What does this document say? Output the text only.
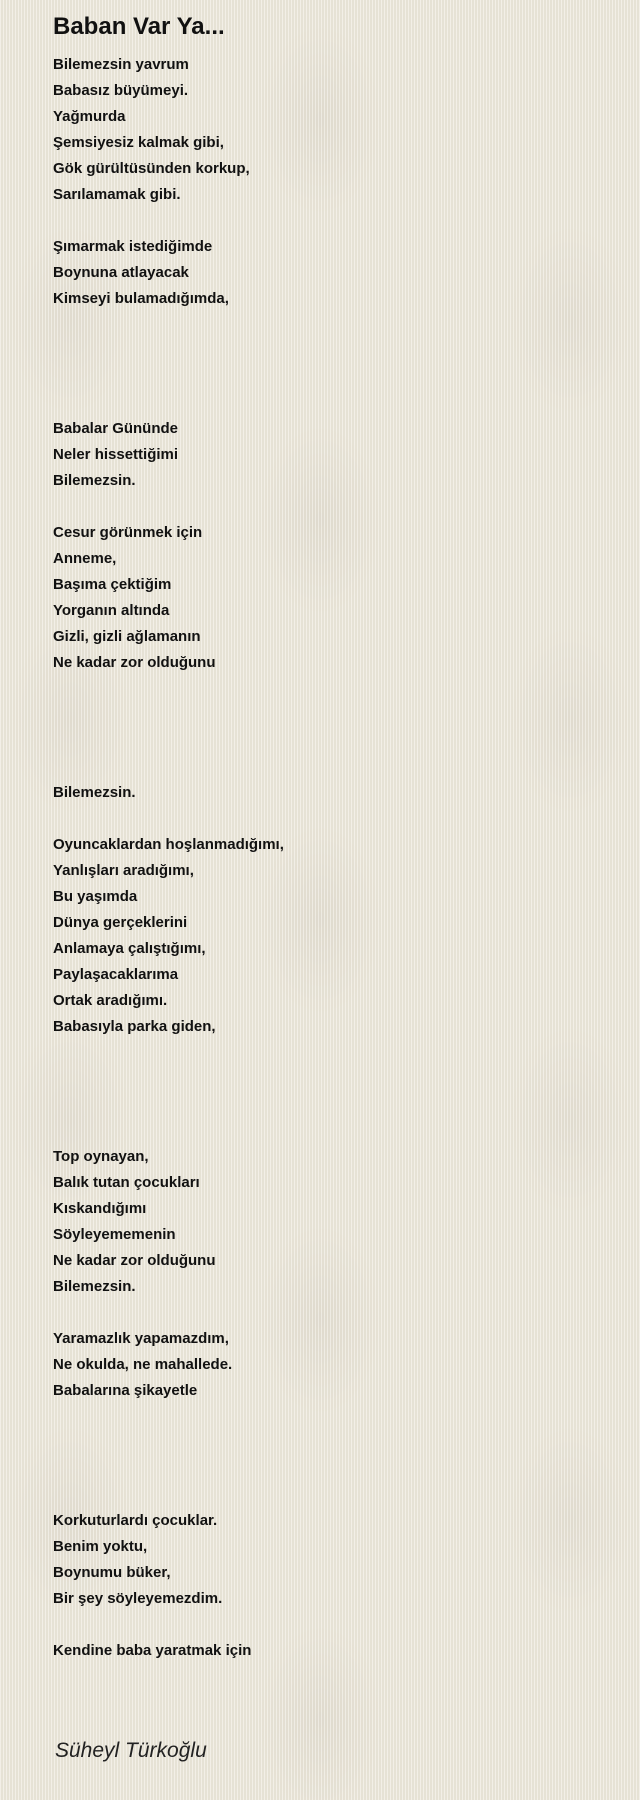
Baban Var Ya...
Bilemezsin yavrum
Babasız büyümeyi.
Yağmurda
Şemsiyesiz kalmak gibi,
Gök gürültüsünden korkup,
Sarılamamak gibi.
Şımarmak istediğimde
Boynuna atlayacak
Kimseyi bulamadığımda,
Babalar Gününde
Neler hissettiğimi
Bilemezsin.
Cesur görünmek için
Anneme,
Başıma çektiğim
Yorganın altında
Gizli, gizli ağlamanın
Ne kadar zor olduğunu
Bilemezsin.
Oyuncaklardan hoşlanmadığımı,
Yanlışları aradığımı,
Bu yaşımda
Dünya gerçeklerini
Anlamaya çalıştığımı,
Paylaşacaklarıma
Ortak aradığımı.
Babasıyla parka giden,
Top oynayan,
Balık tutan çocukları
Kıskandığımı
Söyleyememenin
Ne kadar zor olduğunu
Bilemezsin.
Yaramazlık yapamazdım,
Ne okulda, ne mahallede.
Babalarına şikayetle
Korkuturlardı çocuklar.
Benim yoktu,
Boynumu büker,
Bir şey söyleyemezdim.
Kendine baba yaratmak için

Süheyl Türkoğlu
